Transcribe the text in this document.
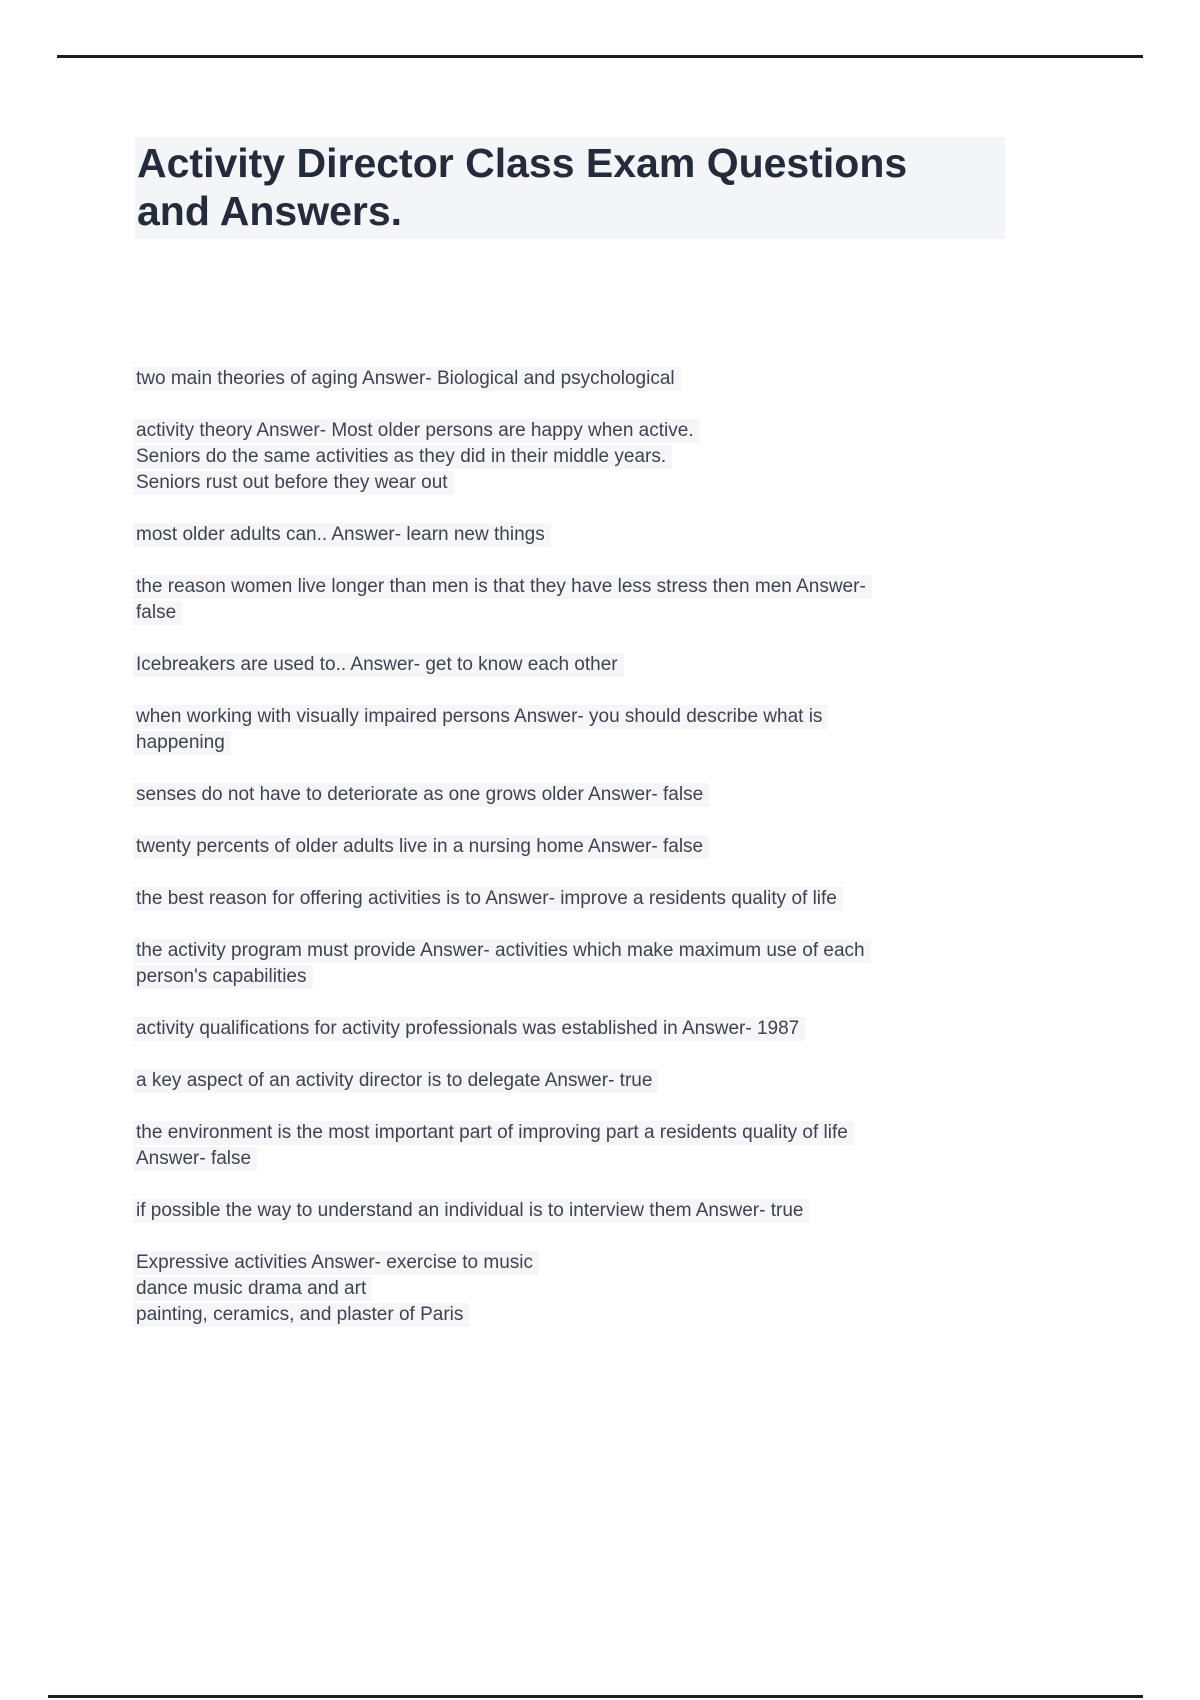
Activity Director Class Exam Questions
and Answers.
two main theories of aging Answer- Biological and psychological
activity theory Answer- Most older persons are happy when active.
Seniors do the same activities as they did in their middle years.
Seniors rust out before they wear out
most older adults can.. Answer- learn new things
the reason women live longer than men is that they have less stress then men Answer-
false
Icebreakers are used to.. Answer- get to know each other
when working with visually impaired persons Answer- you should describe what is
happening
senses do not have to deteriorate as one grows older Answer- false
twenty percents of older adults live in a nursing home Answer- false
the best reason for offering activities is to Answer- improve a residents quality of life
the activity program must provide Answer- activities which make maximum use of each
person's capabilities
activity qualifications for activity professionals was established in Answer- 1987
a key aspect of an activity director is to delegate Answer- true
the environment is the most important part of improving part a residents quality of life
Answer- false
if possible the way to understand an individual is to interview them Answer- true
Expressive activities Answer- exercise to music
dance music drama and art
painting, ceramics, and plaster of Paris
